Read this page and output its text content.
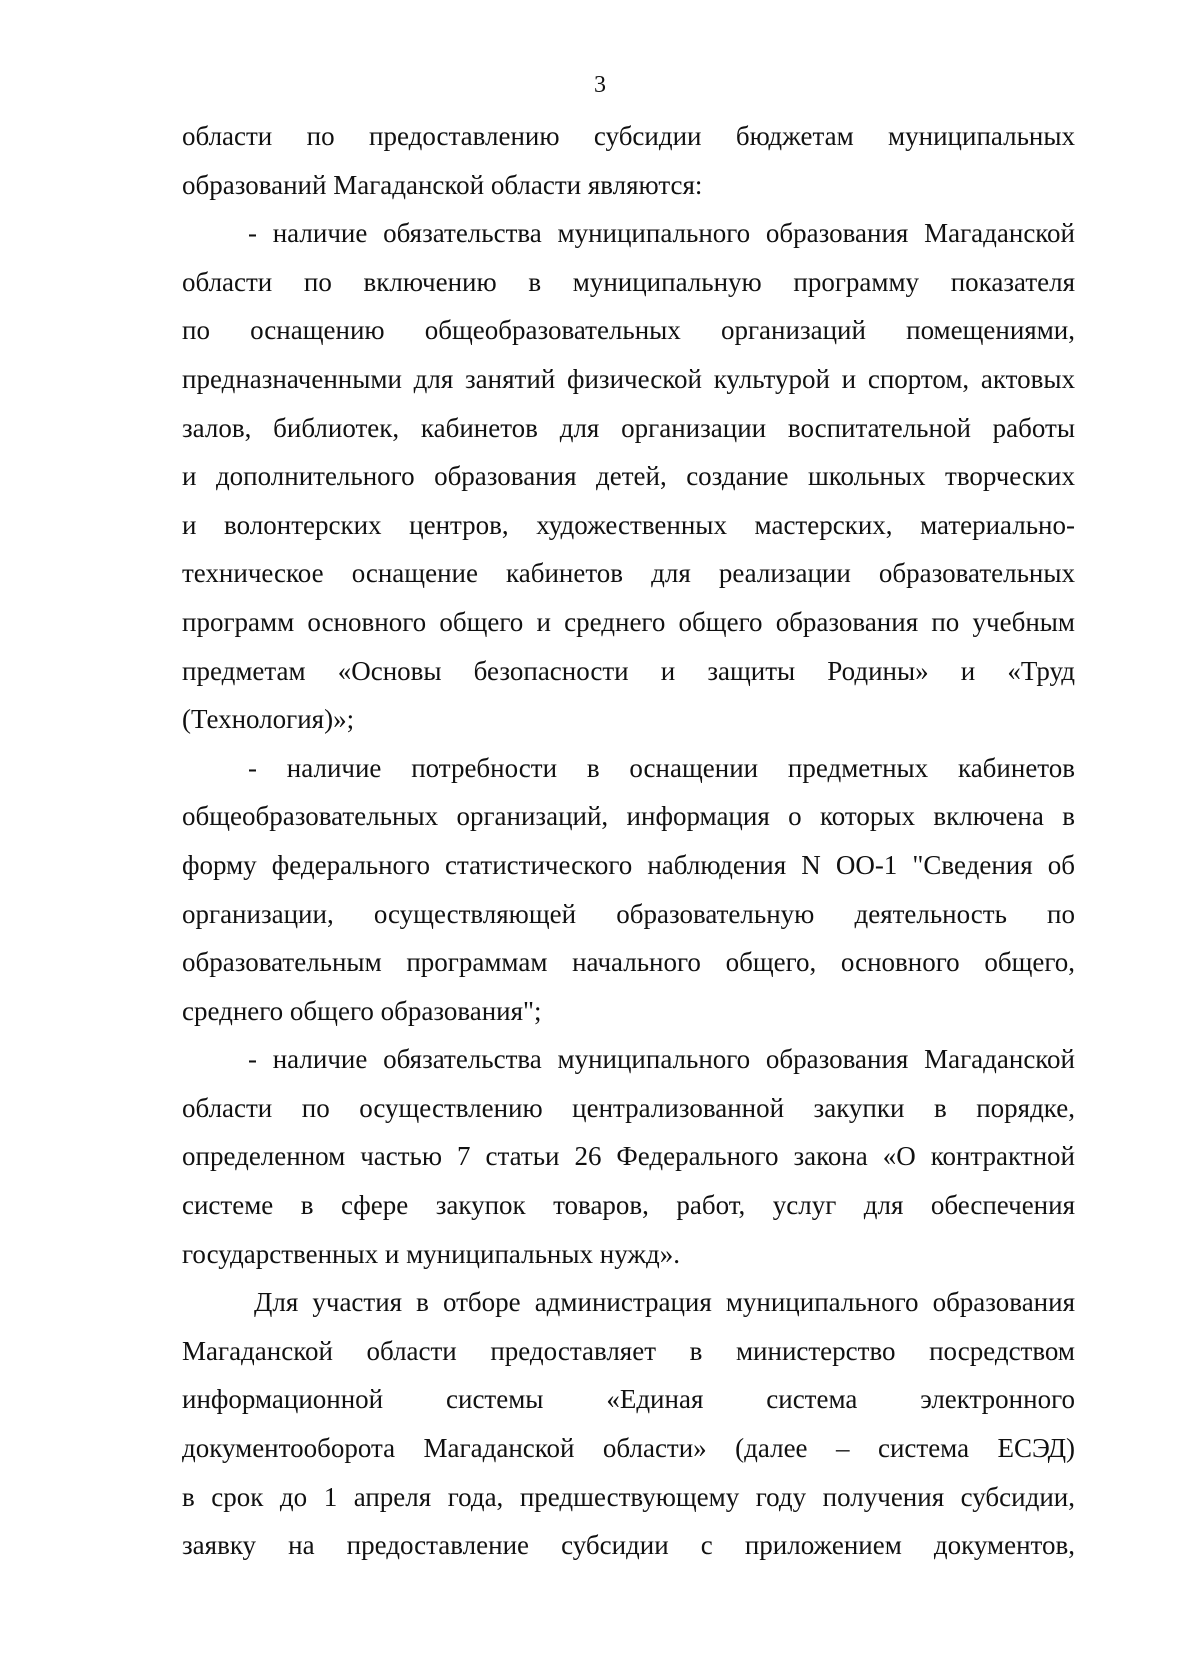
3
области по предоставлению субсидии бюджетам муниципальных
образований Магаданской области являются:
- наличие обязательства муниципального образования Магаданской
области по включению в муниципальную программу показателя
по оснащению общеобразовательных организаций помещениями,
предназначенными для занятий физической культурой и спортом, актовых
залов, библиотек, кабинетов для организации воспитательной работы
и дополнительного образования детей, создание школьных творческих
и волонтерских центров, художественных мастерских, материально-
техническое оснащение кабинетов для реализации образовательных
программ основного общего и среднего общего образования по учебным
предметам «Основы безопасности и защиты Родины» и «Труд
(Технология)»;
- наличие потребности в оснащении предметных кабинетов
общеобразовательных организаций, информация о которых включена в
форму федерального статистического наблюдения N ОО-1 "Сведения об
организации, осуществляющей образовательную деятельность по
образовательным программам начального общего, основного общего,
среднего общего образования";
- наличие обязательства муниципального образования Магаданской
области по осуществлению централизованной закупки в порядке,
определенном частью 7 статьи 26 Федерального закона «О контрактной
системе в сфере закупок товаров, работ, услуг для обеспечения
государственных и муниципальных нужд».
Для участия в отборе администрация муниципального образования
Магаданской области предоставляет в министерство посредством
информационной системы «Единая система электронного
документооборота Магаданской области» (далее – система ЕСЭД)
в срок до 1 апреля года, предшествующему году получения субсидии,
заявку на предоставление субсидии с приложением документов,
